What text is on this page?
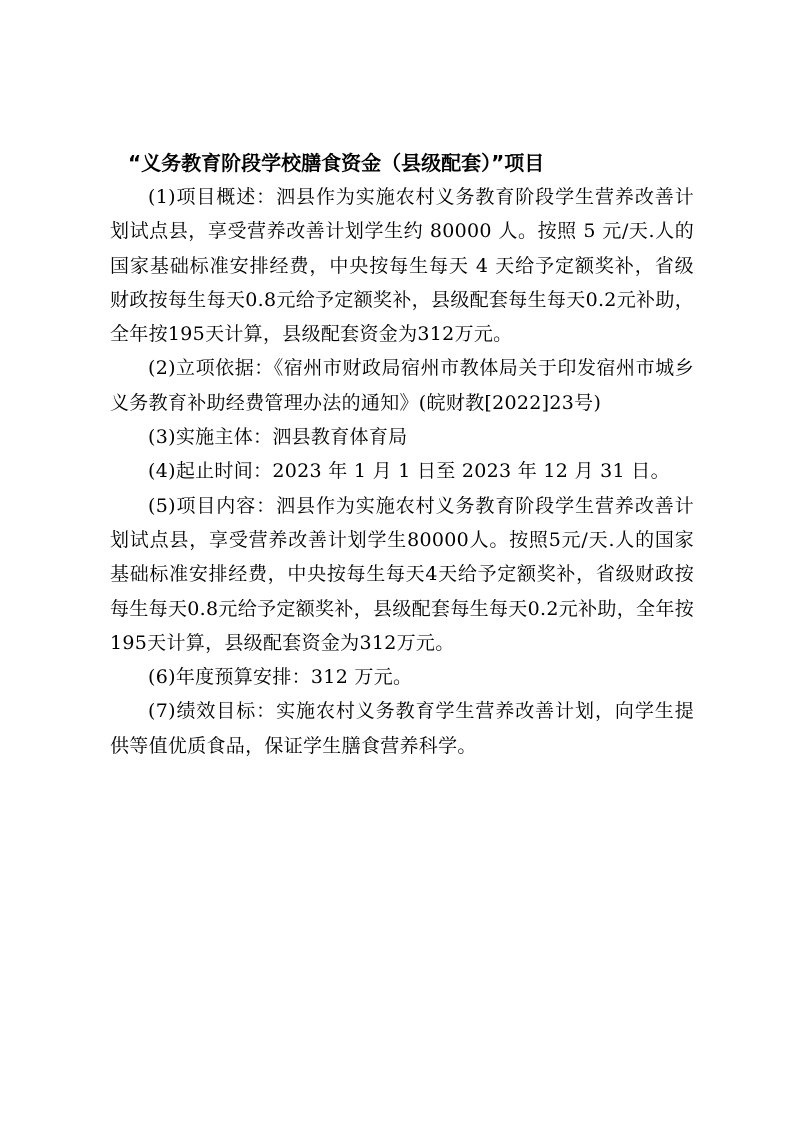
“义务教育阶段学校膳食资金（县级配套）”项目

(1)项目概述：泗县作为实施农村义务教育阶段学生营养改善计划试点县，享受营养改善计划学生约 80000 人。按照 5 元/天.人的国家基础标准安排经费，中央按每生每天 4 天给予定额奖补，省级财政按每生每天0.8元给予定额奖补，县级配套每生每天0.2元补助，全年按195天计算，县级配套资金为312万元。

(2)立项依据：《宿州市财政局宿州市教体局关于印发宿州市城乡义务教育补助经费管理办法的通知》(皖财教[2022]23号)

(3)实施主体：泗县教育体育局

(4)起止时间：2023 年 1 月 1 日至 2023 年 12 月 31 日。

(5)项目内容：泗县作为实施农村义务教育阶段学生营养改善计划试点县，享受营养改善计划学生80000人。按照5元/天.人的国家基础标准安排经费，中央按每生每天4天给予定额奖补，省级财政按每生每天0.8元给予定额奖补，县级配套每生每天0.2元补助，全年按195天计算，县级配套资金为312万元。

(6)年度预算安排：312 万元。

(7)绩效目标：实施农村义务教育学生营养改善计划，向学生提供等值优质食品，保证学生膳食营养科学。
